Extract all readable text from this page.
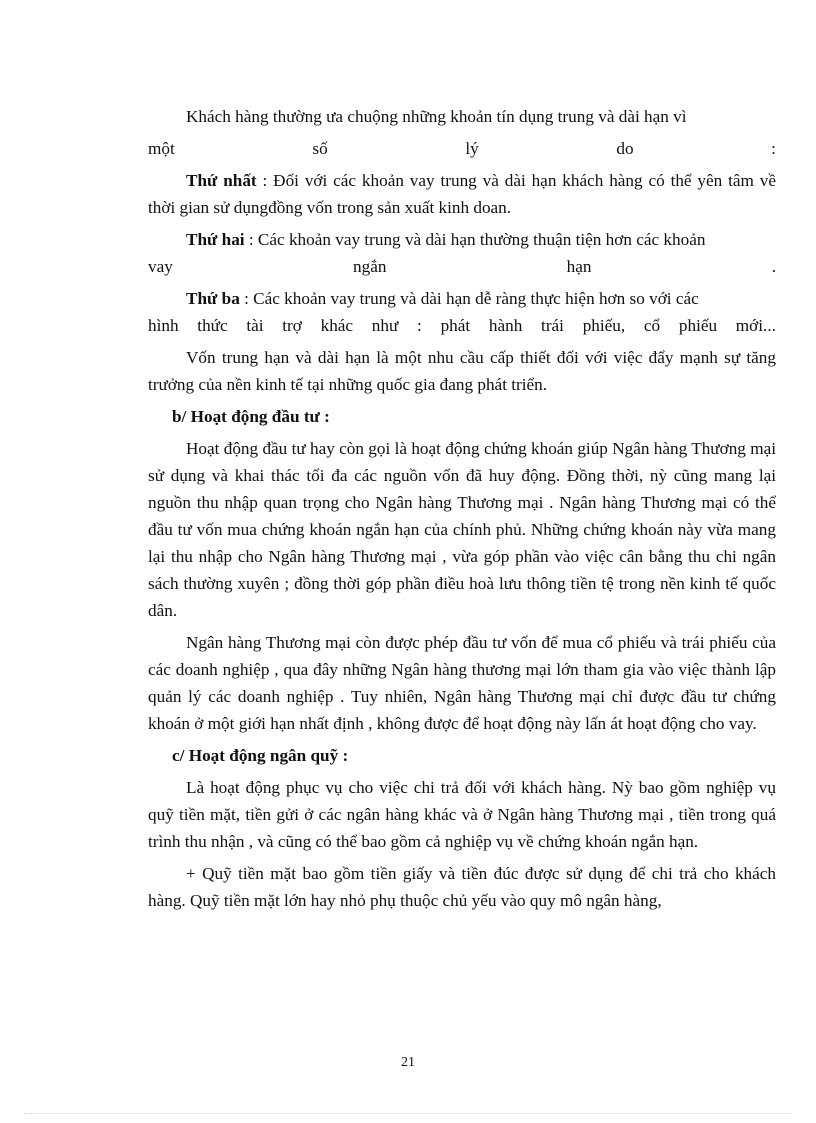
Khách hàng thường ưa chuộng những khoản tín dụng trung và dài hạn vì

một	số	lý	do	:

Thứ nhất : Đối với các khoản vay trung và dài hạn khách hàng có thể yên tâm về thời gian sử dụngđồng vốn trong sản xuất kinh doan.

Thứ hai : Các khoản vay trung và dài hạn thường thuận tiện hơn các khoản

vay	ngắn	hạn	.

Thứ ba : Các khoản vay trung và dài hạn dễ ràng thực hiện hơn so với các

hình thức tài trợ khác như : phát hành trái phiếu, cổ phiếu mới...

Vốn trung hạn và dài hạn là một nhu cầu cấp thiết đối với việc đẩy mạnh sự tăng trưởng của nền kinh tế tại những quốc gia đang phát triển.

b/ Hoạt động đầu tư :

Hoạt động đầu tư hay còn gọi là hoạt động chứng khoán giúp Ngân hàng Thương mại sử dụng và khai thác tối đa các nguồn vốn đã huy động. Đồng thời, nỳ cũng mang lại nguồn thu nhập quan trọng cho Ngân hàng Thương mại . Ngân hàng Thương mại có thể đầu tư vốn mua chứng khoán ngắn hạn của chính phủ. Những chứng khoán này vừa mang lại thu nhập cho Ngân hàng Thương mại , vừa góp phần vào việc cân bằng thu chi ngân sách thường xuyên ; đồng thời góp phần điều hoà lưu thông tiền tệ trong nền kinh tế quốc dân.

Ngân hàng Thương mại còn được phép đầu tư vốn để mua cổ phiếu và trái phiếu của các doanh nghiệp , qua đây những Ngân hàng thương mại lớn tham gia vào việc thành lập quản lý các doanh nghiệp . Tuy nhiên, Ngân hàng Thương mại chỉ được đầu tư chứng khoán ở một giới hạn nhất định , không được để hoạt động này lấn át hoạt động cho vay.

c/ Hoạt động ngân quỹ :

Là hoạt động phục vụ cho việc chi trả đối với khách hàng. Nỳ bao gồm nghiệp vụ quỹ tiền mặt, tiền gửi ở các ngân hàng khác và ở Ngân hàng Thương mại , tiền trong quá trình thu nhận , và cũng có thể bao gồm cả nghiệp vụ về chứng khoán ngắn hạn.

+ Quỹ tiền mặt bao gồm tiền giấy và tiền đúc được sử dụng để chi trả cho khách hàng. Quỹ tiền mặt lớn hay nhỏ phụ thuộc chủ yếu vào quy mô ngân hàng,

21
